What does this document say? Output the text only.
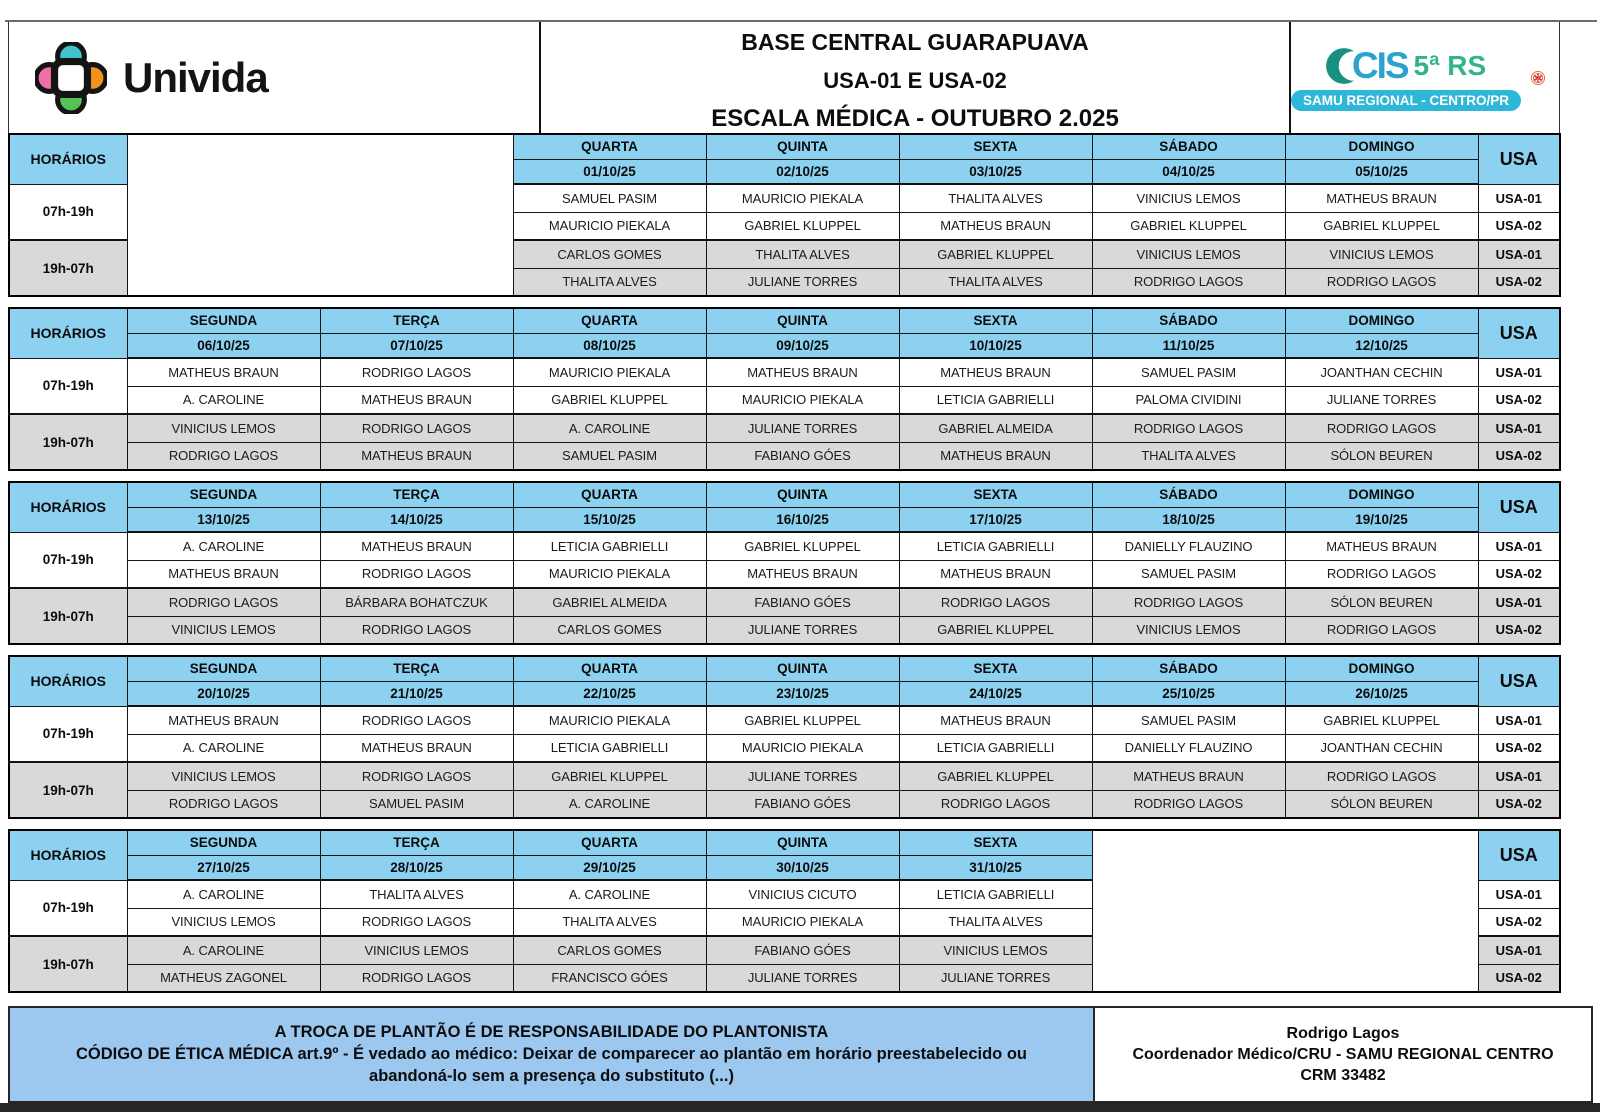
Univida
BASE CENTRAL GUARAPUAVA
USA-01 E USA-02
ESCALA MÉDICA - OUTUBRO 2.025
CIS 5ª RS
SAMU REGIONAL - CENTRO/PR
HORÁRIOS		QUARTA	QUINTA	SEXTA	SÁBADO	DOMINGO	USA
		01/10/25	02/10/25	03/10/25	04/10/25	05/10/25	
07h-19h		SAMUEL PASIM	MAURICIO PIEKALA	THALITA ALVES	VINICIUS LEMOS	MATHEUS BRAUN	USA-01
		MAURICIO PIEKALA	GABRIEL KLUPPEL	MATHEUS BRAUN	GABRIEL KLUPPEL	GABRIEL KLUPPEL	USA-02
19h-07h		CARLOS GOMES	THALITA ALVES	GABRIEL KLUPPEL	VINICIUS LEMOS	VINICIUS LEMOS	USA-01
		THALITA ALVES	JULIANE TORRES	THALITA ALVES	RODRIGO LAGOS	RODRIGO LAGOS	USA-02
HORÁRIOS	SEGUNDA	TERÇA	QUARTA	QUINTA	SEXTA	SÁBADO	DOMINGO	USA
	06/10/25	07/10/25	08/10/25	09/10/25	10/10/25	11/10/25	12/10/25	
07h-19h	MATHEUS BRAUN	RODRIGO LAGOS	MAURICIO PIEKALA	MATHEUS BRAUN	MATHEUS BRAUN	SAMUEL PASIM	JOANTHAN CECHIN	USA-01
	A. CAROLINE	MATHEUS BRAUN	GABRIEL KLUPPEL	MAURICIO PIEKALA	LETICIA GABRIELLI	PALOMA CIVIDINI	JULIANE TORRES	USA-02
19h-07h	VINICIUS LEMOS	RODRIGO LAGOS	A. CAROLINE	JULIANE TORRES	GABRIEL ALMEIDA	RODRIGO LAGOS	RODRIGO LAGOS	USA-01
	RODRIGO LAGOS	MATHEUS BRAUN	SAMUEL PASIM	FABIANO GÓES	MATHEUS BRAUN	THALITA ALVES	SÓLON BEUREN	USA-02
HORÁRIOS	SEGUNDA	TERÇA	QUARTA	QUINTA	SEXTA	SÁBADO	DOMINGO	USA
	13/10/25	14/10/25	15/10/25	16/10/25	17/10/25	18/10/25	19/10/25	
07h-19h	A. CAROLINE	MATHEUS BRAUN	LETICIA GABRIELLI	GABRIEL KLUPPEL	LETICIA GABRIELLI	DANIELLY FLAUZINO	MATHEUS BRAUN	USA-01
	MATHEUS BRAUN	RODRIGO LAGOS	MAURICIO PIEKALA	MATHEUS BRAUN	MATHEUS BRAUN	SAMUEL PASIM	RODRIGO LAGOS	USA-02
19h-07h	RODRIGO LAGOS	BÁRBARA BOHATCZUK	GABRIEL ALMEIDA	FABIANO GÓES	RODRIGO LAGOS	RODRIGO LAGOS	SÓLON BEUREN	USA-01
	VINICIUS LEMOS	RODRIGO LAGOS	CARLOS GOMES	JULIANE TORRES	GABRIEL KLUPPEL	VINICIUS LEMOS	RODRIGO LAGOS	USA-02
HORÁRIOS	SEGUNDA	TERÇA	QUARTA	QUINTA	SEXTA	SÁBADO	DOMINGO	USA
	20/10/25	21/10/25	22/10/25	23/10/25	24/10/25	25/10/25	26/10/25	
07h-19h	MATHEUS BRAUN	RODRIGO LAGOS	MAURICIO PIEKALA	GABRIEL KLUPPEL	MATHEUS BRAUN	SAMUEL PASIM	GABRIEL KLUPPEL	USA-01
	A. CAROLINE	MATHEUS BRAUN	LETICIA GABRIELLI	MAURICIO PIEKALA	LETICIA GABRIELLI	DANIELLY FLAUZINO	JOANTHAN CECHIN	USA-02
19h-07h	VINICIUS LEMOS	RODRIGO LAGOS	GABRIEL KLUPPEL	JULIANE TORRES	GABRIEL KLUPPEL	MATHEUS BRAUN	RODRIGO LAGOS	USA-01
	RODRIGO LAGOS	SAMUEL PASIM	A. CAROLINE	FABIANO GÓES	RODRIGO LAGOS	RODRIGO LAGOS	SÓLON BEUREN	USA-02
HORÁRIOS	SEGUNDA	TERÇA	QUARTA	QUINTA	SEXTA		USA
	27/10/25	28/10/25	29/10/25	30/10/25	31/10/25		
07h-19h	A. CAROLINE	THALITA ALVES	A. CAROLINE	VINICIUS CICUTO	LETICIA GABRIELLI		USA-01
	VINICIUS LEMOS	RODRIGO LAGOS	THALITA ALVES	MAURICIO PIEKALA	THALITA ALVES		USA-02
19h-07h	A. CAROLINE	VINICIUS LEMOS	CARLOS GOMES	FABIANO GÓES	VINICIUS LEMOS		USA-01
	MATHEUS ZAGONEL	RODRIGO LAGOS	FRANCISCO GÓES	JULIANE TORRES	JULIANE TORRES		USA-02
A TROCA DE PLANTÃO É DE RESPONSABILIDADE DO PLANTONISTA
CÓDIGO DE ÉTICA MÉDICA art.9º - É vedado ao médico: Deixar de comparecer ao plantão em horário preestabelecido ou
abandoná-lo sem a presença do substituto (...)
Rodrigo Lagos
Coordenador Médico/CRU - SAMU REGIONAL CENTRO
CRM 33482
